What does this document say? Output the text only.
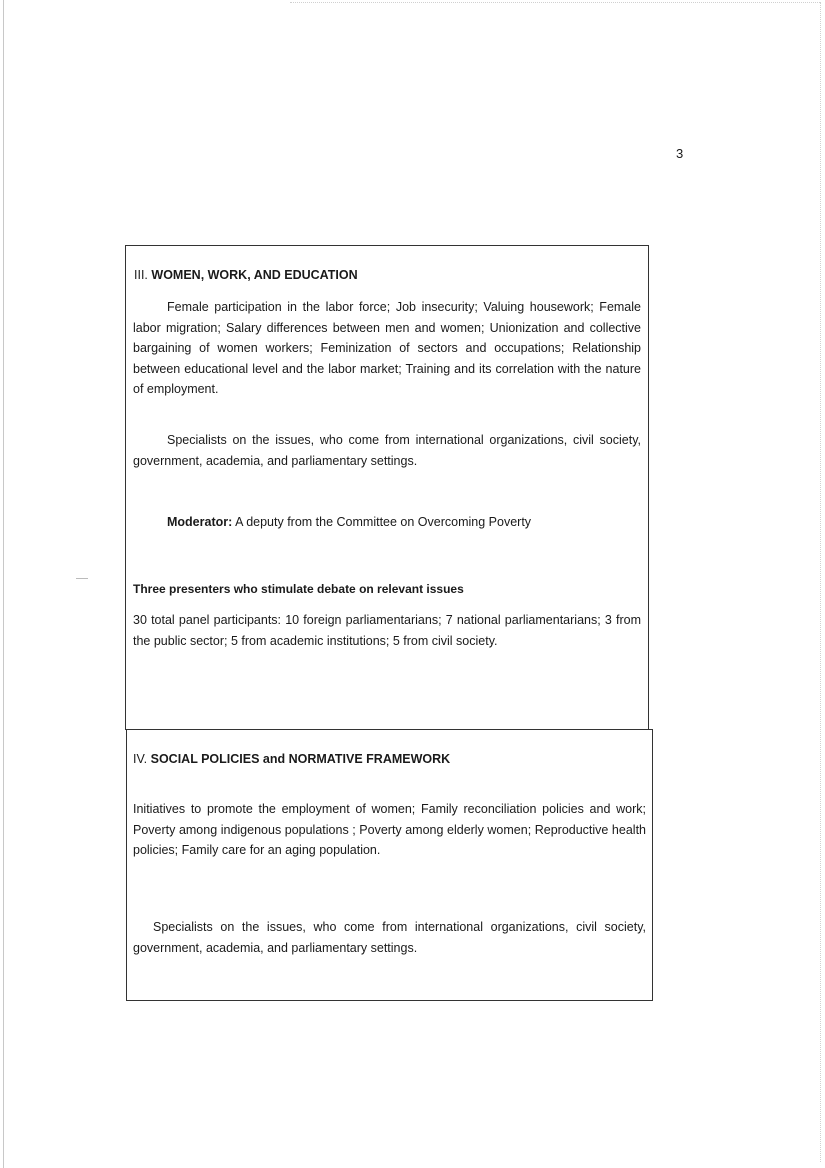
3
III. WOMEN, WORK, AND EDUCATION

Female participation in the labor force; Job insecurity; Valuing housework; Female labor migration; Salary differences between men and women; Unionization and collective bargaining of women workers; Feminization of sectors and occupations; Relationship between educational level and the labor market; Training and its correlation with the nature of employment.

Specialists on the issues, who come from international organizations, civil society, government, academia, and parliamentary settings.

Moderator: A deputy from the Committee on Overcoming Poverty
Three presenters who stimulate debate on relevant issues

30 total panel participants: 10 foreign parliamentarians; 7 national parliamentarians; 3 from the public sector; 5 from academic institutions; 5 from civil society.

IV. SOCIAL POLICIES and NORMATIVE FRAMEWORK

Initiatives to promote the employment of women; Family reconciliation policies and work; Poverty among indigenous populations ; Poverty among elderly women; Reproductive health policies; Family care for an aging population.

Specialists on the issues, who come from international organizations, civil society, government, academia, and parliamentary settings.
